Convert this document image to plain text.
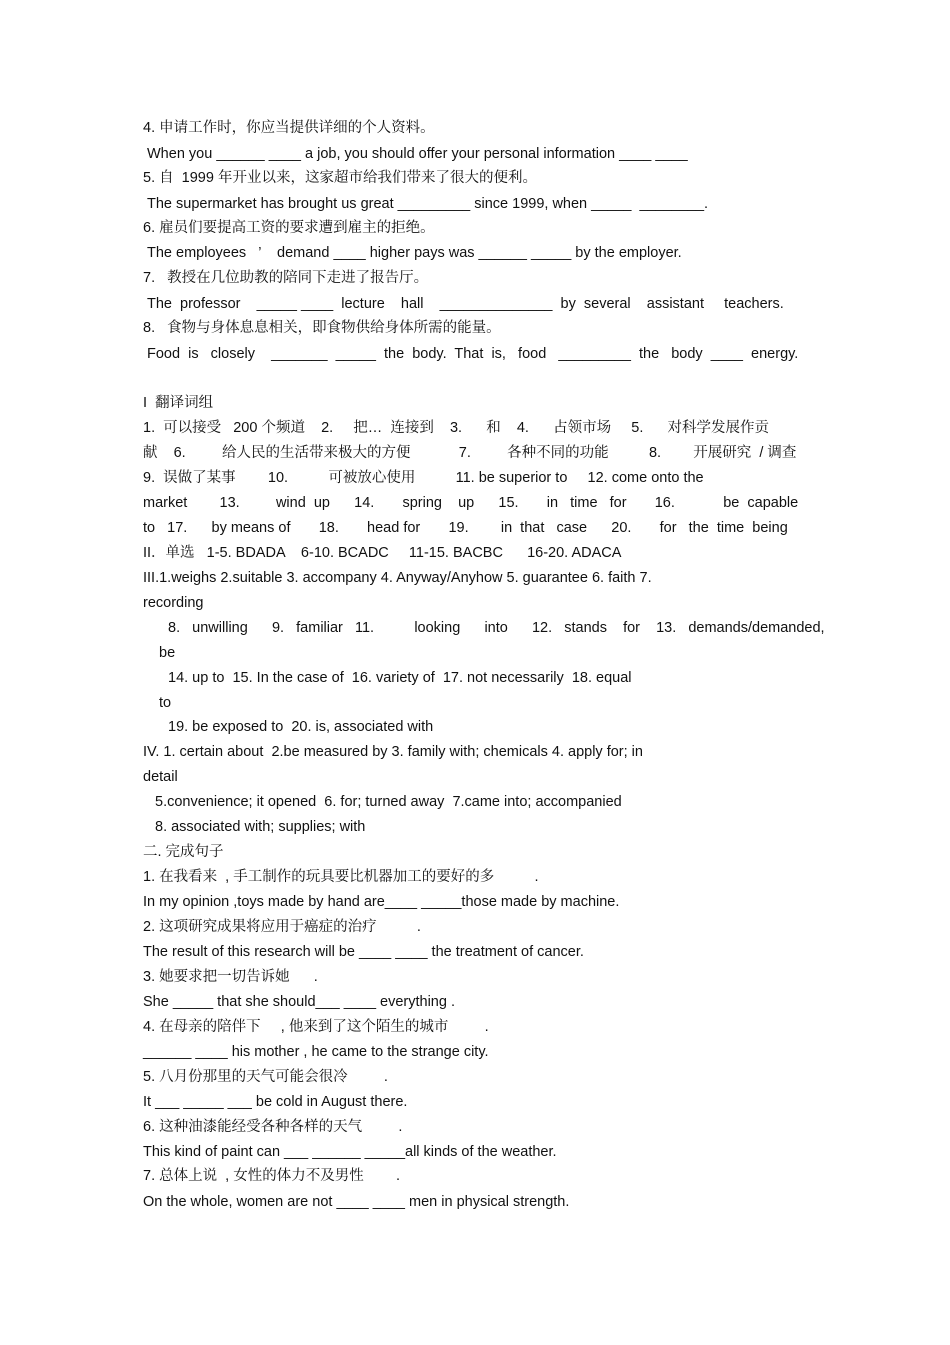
4. 申请工作时，你应当提供详细的个人资料。
When you ______ ____ a job, you should offer your personal information ____ ____
5. 自  1999 年开业以来，这家超市给我们带来了很大的便利。
The supermarket has brought us great _________ since 1999, when _____  ________.
6. 雇员们要提高工资的要求遭到雇主的拒绝。
The employees   ’    demand ____ higher pays was ______ _____ by the employer.
7.   教授在几位助教的陪同下走进了报告厅。
The  professor    _____ ____  lecture    hall    ______________  by  several    assistant     teachers.
8.   食物与身体息息相关，即食物供给身体所需的能量。
Food  is   closely    _______  _____  the  body.  That  is,   food   _________  the   body  ____  energy.
I  翻译词组
1.  可以接受   200 个频道    2.     把…  连接到    3.      和    4.      占领市场     5.      对科学发展作贡
献    6.         给人民的生活带来极大的方便            7.         各种不同的功能          8.        开展研究  / 调查
9.  误做了某事        10.          可被放心使用          11. be superior to     12. come onto the
market        13.         wind  up      14.       spring    up      15.       in   time   for       16.            be  capable
to   17.      by means of       18.       head for       19.        in  that   case      20.       for   the  time  being
II．单选   1-5. BDADA    6-10. BCADC     11-15. BACBC      16-20. ADACA
III.1.weighs 2.suitable 3. accompany 4. Anyway/Anyhow 5. guarantee 6. faith 7.
recording
8.   unwilling      9.   familiar   11.          looking      into      12.   stands    for    13.   demands/demanded,
be
14. up to  15. In the case of  16. variety of  17. not necessarily  18. equal
to
19. be exposed to  20. is, associated with
IV. 1. certain about  2.be measured by 3. family with; chemicals 4. apply for; in
detail
5.convenience; it opened  6. for; turned away  7.came into; accompanied
8. associated with; supplies; with
二. 完成句子
1. 在我看来  , 手工制作的玩具要比机器加工的要好的多          .
In my opinion ,toys made by hand are____ _____those made by machine.
2. 这项研究成果将应用于癌症的治疗          .
The result of this research will be ____ ____ the treatment of cancer.
3. 她要求把一切告诉她      .
She _____ that she should___ ____ everything .
4. 在母亲的陪伴下     , 他来到了这个陌生的城市         .
______ ____ his mother , he came to the strange city.
5. 八月份那里的天气可能会很冷         .
It ___ _____ ___ be cold in August there.
6. 这种油漆能经受各种各样的天气         .
This kind of paint can ___ ______ _____all kinds of the weather.
7. 总体上说  , 女性的体力不及男性        .
On the whole, women are not ____ ____ men in physical strength.
